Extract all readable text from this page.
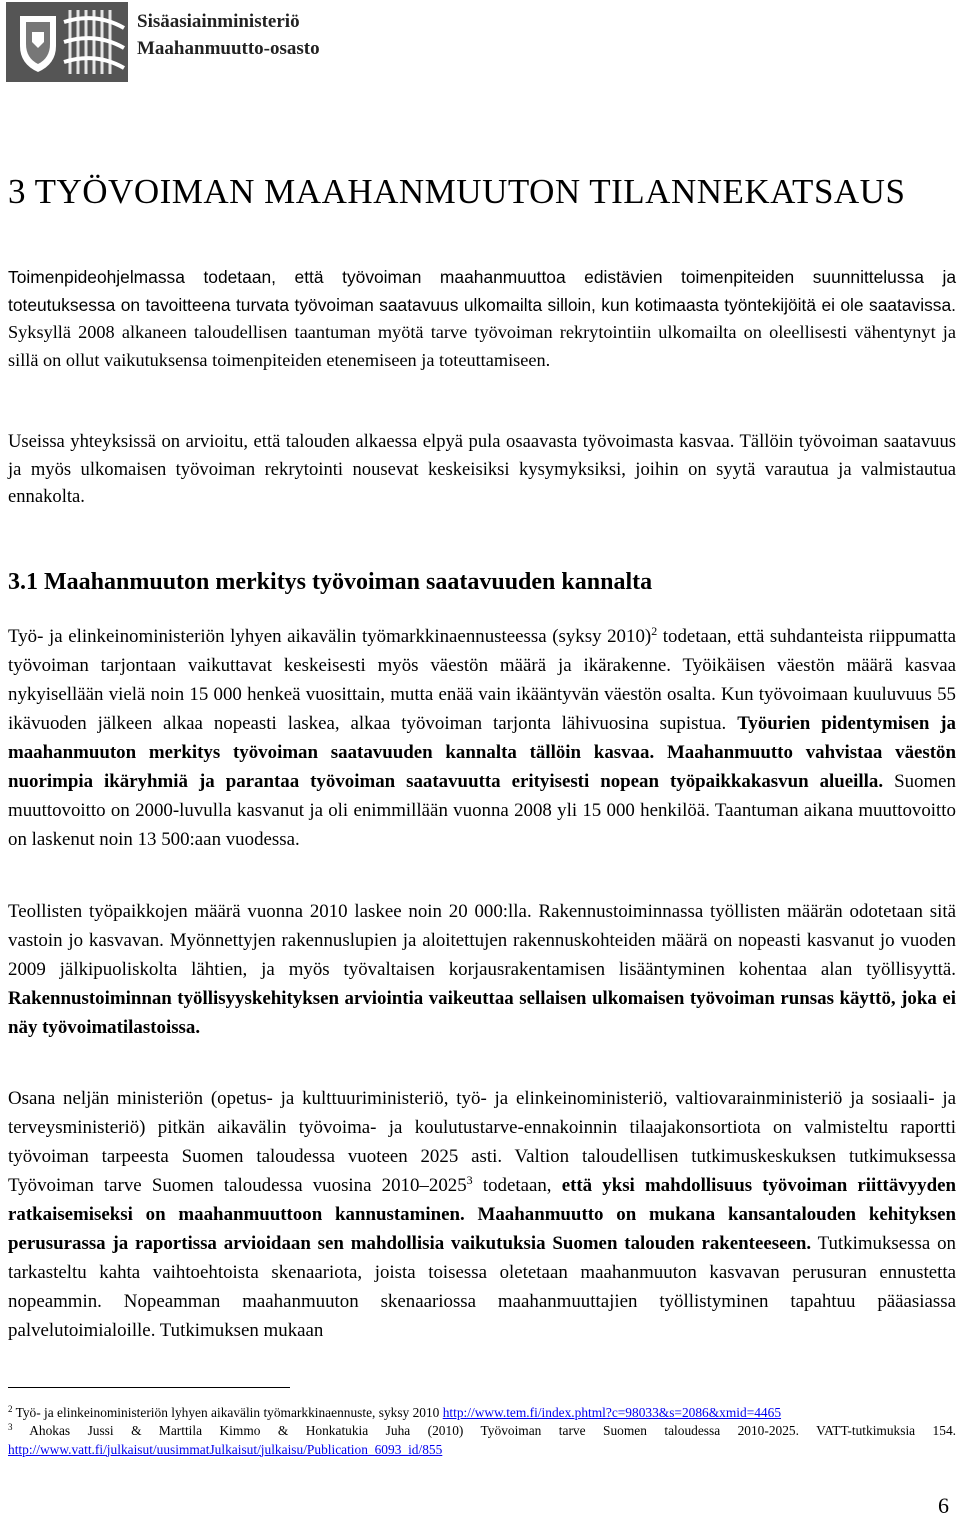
Sisäasiainministeriö
Maahanmuutto-osasto
3 TYÖVOIMAN MAAHANMUUTON TILANNEKATSAUS

Toimenpideohjelmassa todetaan, että työvoiman maahanmuuttoa edistävien toimenpiteiden suunnittelussa ja toteutuksessa on tavoitteena turvata työvoiman saatavuus ulkomailta silloin, kun kotimaasta työntekijöitä ei ole saatavissa. Syksyllä 2008 alkaneen taloudellisen taantuman myötä tarve työvoiman rekrytointiin ulkomailta on oleellisesti vähentynyt ja sillä on ollut vaikutuksensa toimenpiteiden etenemiseen ja toteuttamiseen.

Useissa yhteyksissä on arvioitu, että talouden alkaessa elpyä pula osaavasta työvoimasta kasvaa. Tällöin työvoiman saatavuus ja myös ulkomaisen työvoiman rekrytointi nousevat keskeisiksi kysymyksiksi, joihin on syytä varautua ja valmistautua ennakolta.

3.1 Maahanmuuton merkitys työvoiman saatavuuden kannalta

Työ- ja elinkeinoministeriön lyhyen aikavälin työmarkkinaennusteessa (syksy 2010)$^2$ todetaan, että suhdanteista riippumatta työvoiman tarjontaan vaikuttavat keskeisesti myös väestön määrä ja ikärakenne. Työikäisen väestön määrä kasvaa nykyisellään vielä noin 15 000 henkeä vuosittain, mutta enää vain ikääntyvän väestön osalta. Kun työvoimaan kuuluvuus 55 ikävuoden jälkeen alkaa nopeasti laskea, alkaa työvoiman tarjonta lähivuosina supistua. Työurien pidentymisen ja maahanmuuton merkitys työvoiman saatavuuden kannalta tällöin kasvaa. Maahanmuutto vahvistaa väestön nuorimpia ikäryhmiä ja parantaa työvoiman saatavuutta erityisesti nopean työpaikkakasvun alueilla. Suomen muuttovoitto on 2000-luvulla kasvanut ja oli enimmillään vuonna 2008 yli 15 000 henkilöä. Taantuman aikana muuttovoitto on laskenut noin 13 500:aan vuodessa.

Teollisten työpaikkojen määrä vuonna 2010 laskee noin 20 000:lla. Rakennustoiminnassa työllisten määrän odotetaan sitä vastoin jo kasvavan. Myönnettyjen rakennuslupien ja aloitettujen rakennuskohteiden määrä on nopeasti kasvanut jo vuoden 2009 jälkipuoliskolta lähtien, ja myös työvaltaisen korjausrakentamisen lisääntyminen kohentaa alan työllisyyttä. Rakennustoiminnan työllisyyskehityksen arviointia vaikeuttaa sellaisen ulkomaisen työvoiman runsas käyttö, joka ei näy työvoimatilastoissa.

Osana neljän ministeriön (opetus- ja kulttuuriministeriö, työ- ja elinkeinoministeriö, valtiovarainministeriö ja sosiaali- ja terveysministeriö) pitkän aikavälin työvoima- ja koulutustarve-ennakoinnin tilaajakonsortiota on valmisteltu raportti työvoiman tarpeesta Suomen taloudessa vuoteen 2025 asti. Valtion taloudellisen tutkimuskeskuksen tutkimuksessa Työvoiman tarve Suomen taloudessa vuosina 2010–2025$^3$ todetaan, että yksi mahdollisuus työvoiman riittävyyden ratkaisemiseksi on maahanmuuttoon kannustaminen. Maahanmuutto on mukana kansantalouden kehityksen perusurassa ja raportissa arvioidaan sen mahdollisia vaikutuksia Suomen talouden rakenteeseen. Tutkimuksessa on tarkasteltu kahta vaihtoehtoista skenaariota, joista toisessa oletetaan maahanmuuton kasvavan perusuran ennustetta nopeammin. Nopeamman maahanmuuton skenaariossa maahanmuuttajien työllistyminen tapahtuu pääasiassa palvelutoimialoille. Tutkimuksen mukaan

$^2$ Työ- ja elinkeinoministeriön lyhyen aikavälin työmarkkinaennuste, syksy 2010 http://www.tem.fi/index.phtml?c=98033&s=2086&xmid=4465

$^3$ Ahokas Jussi & Marttila Kimmo & Honkatukia Juha (2010) Työvoiman tarve Suomen taloudessa 2010-2025. VATT-tutkimuksia 154. http://www.vatt.fi/julkaisut/uusimmatJulkaisut/julkaisu/Publication_6093_id/855

6
